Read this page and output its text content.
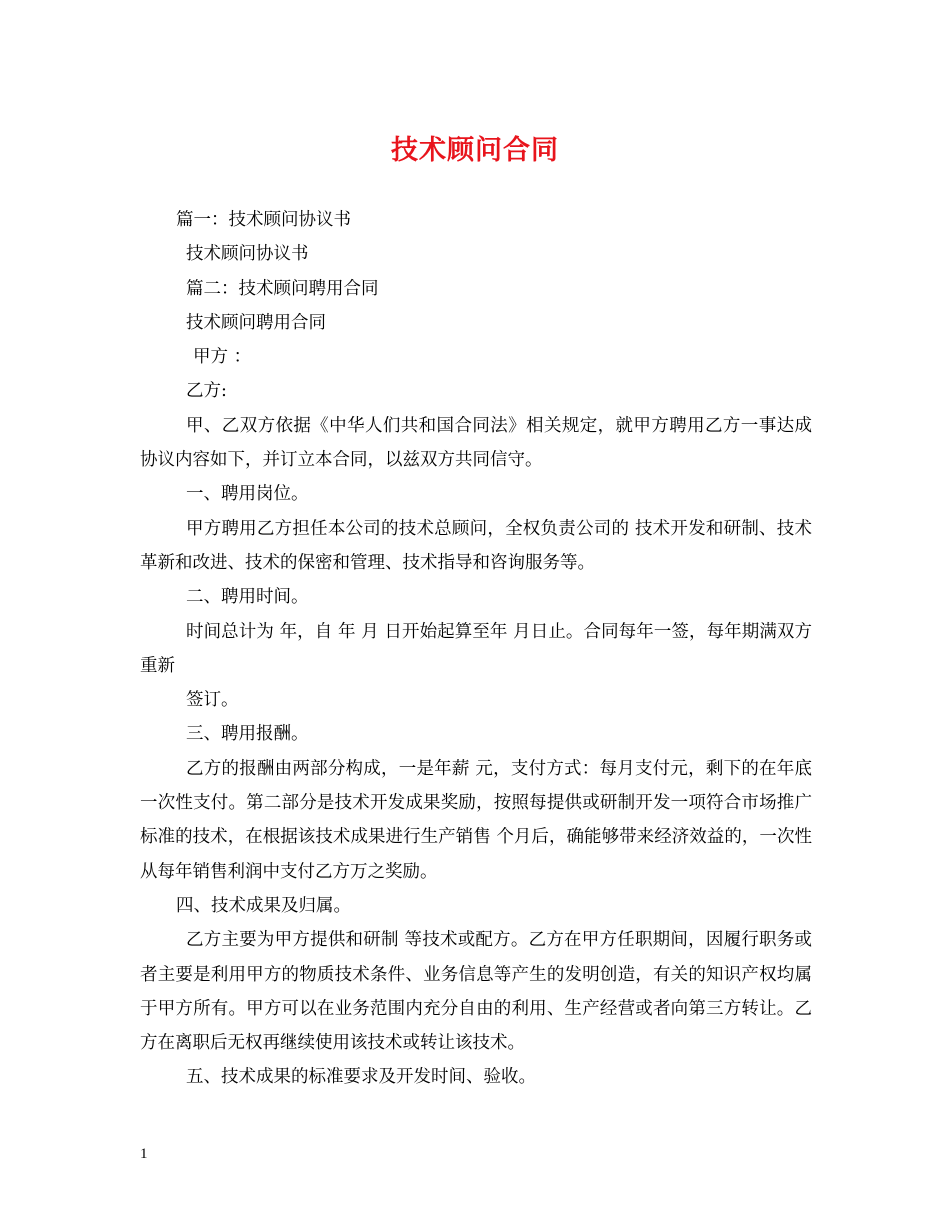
技术顾问合同

篇一：技术顾问协议书

技术顾问协议书

篇二：技术顾问聘用合同

技术顾问聘用合同

甲方 ：

乙方:

甲、乙双方依据《中华人们共和国合同法》相关规定，就甲方聘用乙方一事达成协议内容如下，并订立本合同，以兹双方共同信守。

一、聘用岗位。

甲方聘用乙方担任本公司的技术总顾问，全权负责公司的 技术开发和研制、技术革新和改进、技术的保密和管理、技术指导和咨询服务等。

二、聘用时间。

时间总计为 年，自 年 月 日开始起算至年 月日止。合同每年一签，每年期满双方重新

签订。

三、聘用报酬。

乙方的报酬由两部分构成，一是年薪 元，支付方式：每月支付元，剩下的在年底一次性支付。第二部分是技术开发成果奖励，按照每提供或研制开发一项符合市场推广标准的技术，在根据该技术成果进行生产销售 个月后，确能够带来经济效益的，一次性从每年销售利润中支付乙方万之奖励。

四、技术成果及归属。

乙方主要为甲方提供和研制 等技术或配方。乙方在甲方任职期间，因履行职务或者主要是利用甲方的物质技术条件、业务信息等产生的发明创造，有关的知识产权均属于甲方所有。甲方可以在业务范围内充分自由的利用、生产经营或者向第三方转让。乙方在离职后无权再继续使用该技术或转让该技术。

五、技术成果的标准要求及开发时间、验收。

1
